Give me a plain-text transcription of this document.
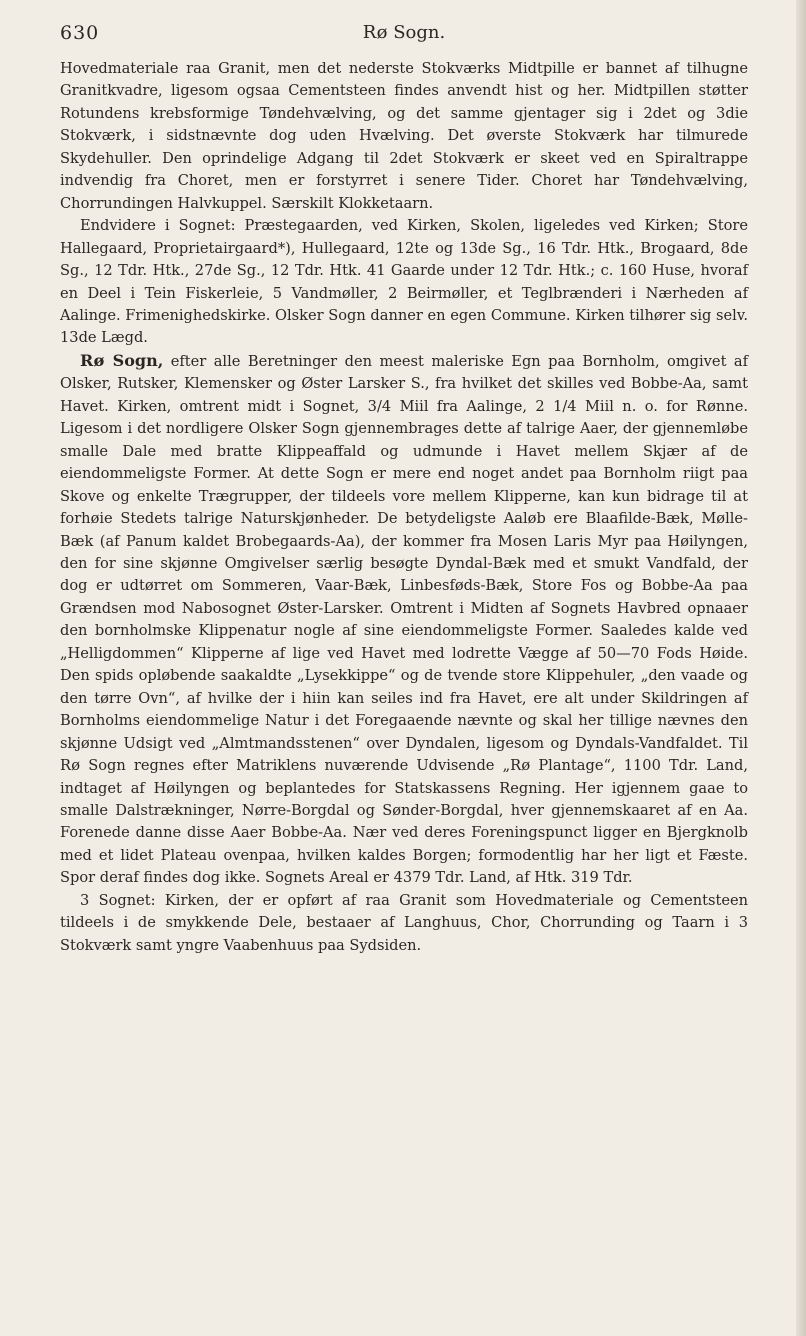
630	Rø Sogn.

Hovedmateriale raa Granit, men det nederste Stokværks Midtpille er bannet af tilhugne Granitkvadre, ligesom ogsaa Cementsteen findes anvendt hist og her. Midtpillen støtter Rotundens krebsformige Tøndehvælving, og det samme gjentager sig i 2det og 3die Stokværk, i sidstnævnte dog uden Hvælving. Det øverste Stokværk har tilmurede Skydehuller. Den oprindelige Adgang til 2det Stokværk er skeet ved en Spiraltrappe indvendig fra Choret, men er forstyrret i senere Tider. Choret har Tøndehvælving, Chorrundingen Halvkuppel. Særskilt Klokketaarn.

Endvidere i Sognet: Præstegaarden, ved Kirken, Skolen, ligeledes ved Kirken; Store Hallegaard, Proprietairgaard*), Hullegaard, 12te og 13de Sg., 16 Tdr. Htk., Brogaard, 8de Sg., 12 Tdr. Htk., 27de Sg., 12 Tdr. Htk. 41 Gaarde under 12 Tdr. Htk.; c. 160 Huse, hvoraf en Deel i Tein Fiskerleie, 5 Vandmøller, 2 Beirmøller, et Teglbrænderi i Nærheden af Aalinge. Frimenighedskirke. Olsker Sogn danner en egen Commune. Kirken tilhører sig selv. 13de Lægd.

Rø Sogn, efter alle Beretninger den meest maleriske Egn paa Bornholm, omgivet af Olsker, Rutsker, Klemensker og Øster Larsker S., fra hvilket det skilles ved Bobbe-Aa, samt Havet. Kirken, omtrent midt i Sognet, 3/4 Miil fra Aalinge, 2 1/4 Miil n. o. for Rønne. Ligesom i det nordligere Olsker Sogn gjennembrages dette af talrige Aaer, der gjennemløbe smalle Dale med bratte Klippeaffald og udmunde i Havet mellem Skjær af de eiendommeligste Former. At dette Sogn er mere end noget andet paa Bornholm riigt paa Skove og enkelte Trægrupper, der tildeels vore mellem Klipperne, kan kun bidrage til at forhøie Stedets talrige Naturskjønheder. De betydeligste Aaløb ere Blaafilde-Bæk, Mølle-Bæk (af Panum kaldet Brobegaards-Aa), der kommer fra Mosen Laris Myr paa Høilyngen, den for sine skjønne Omgivelser særlig besøgte Dyndal-Bæk med et smukt Vandfald, der dog er udtørret om Sommeren, Vaar-Bæk, Linbesføds-Bæk, Store Fos og Bobbe-Aa paa Grændsen mod Nabosognet Øster-Larsker. Omtrent i Midten af Sognets Havbred opnaaer den bornholmske Klippenatur nogle af sine eiendommeligste Former. Saaledes kalde ved „Helligdommen“ Klipperne af lige ved Havet med lodrette Vægge af 50—70 Fods Høide. Den spids opløbende saakaldte „Lysekkippe“ og de tvende store Klippehuler, „den vaade og den tørre Ovn“, af hvilke der i hiin kan seiles ind fra Havet, ere alt under Skildringen af Bornholms eiendommelige Natur i det Foregaaende nævnte og skal her tillige nævnes den skjønne Udsigt ved „Almtmandsstenen“ over Dyndalen, ligesom og Dyndals-Vandfaldet. Til Rø Sogn regnes efter Matriklens nuværende Udvisende „Rø Plantage“, 1100 Tdr. Land, indtaget af Høilyngen og beplantedes for Statskassens Regning. Her igjennem gaae to smalle Dalstrækninger, Nørre-Borgdal og Sønder-Borgdal, hver gjennemskaaret af en Aa. Forenede danne disse Aaer Bobbe-Aa. Nær ved deres Foreningspunct ligger en Bjergknolb med et lidet Plateau ovenpaa, hvilken kaldes Borgen; formodentlig har her ligt et Fæste. Spor deraf findes dog ikke. Sognets Areal er 4379 Tdr. Land, af Htk. 319 Tdr.

3 Sognet: Kirken, der er opført af raa Granit som Hovedmateriale og Cementsteen tildeels i de smykkende Dele, bestaaer af Langhuus, Chor, Chorrunding og Taarn i 3 Stokværk samt yngre Vaabenhuus paa Sydsiden.
